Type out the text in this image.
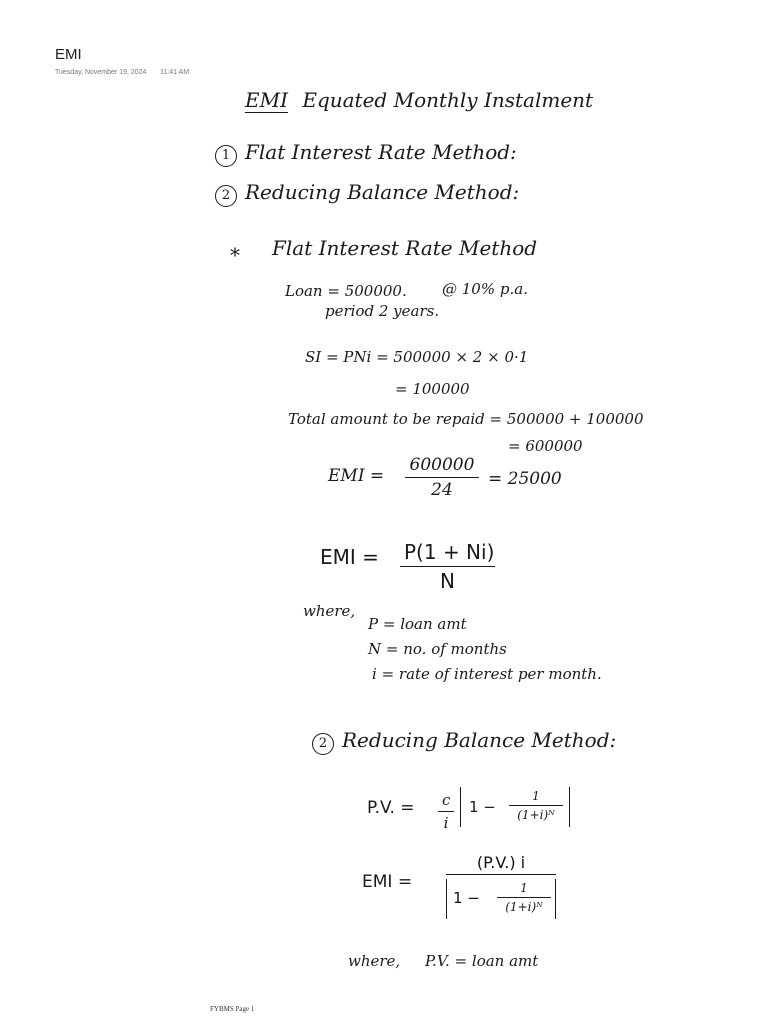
EMI
Tuesday, November 19, 2024 11:41 AM
EMI Equated Monthly Instalment
1 Flat Interest Rate Method:
2 Reducing Balance Method:
* Flat Interest Rate Method
Loan = 500000. @ 10% p.a.
period 2 years.
SI = PNi = 500000 × 2 × 0·1
= 100000
Total amount to be repaid = 500000 + 100000
= 600000
EMI = $\frac{600000}{24} = 25000$
EMI = $\frac{P(1 + Ni)}{N}$
where,
P = loan amt
N = no. of months
i = rate of interest per month.
2 Reducing Balance Method:
P.V. = $\frac{c}{i} 1 - \frac{1}{\text{(1+i)ᴺ}}$
EMI = $\frac{(P.V.) i}{1 - \frac{1}{\text{(1+i)ᴺ}}}$
where, P.V. = loan amt
FYBMS Page 1
